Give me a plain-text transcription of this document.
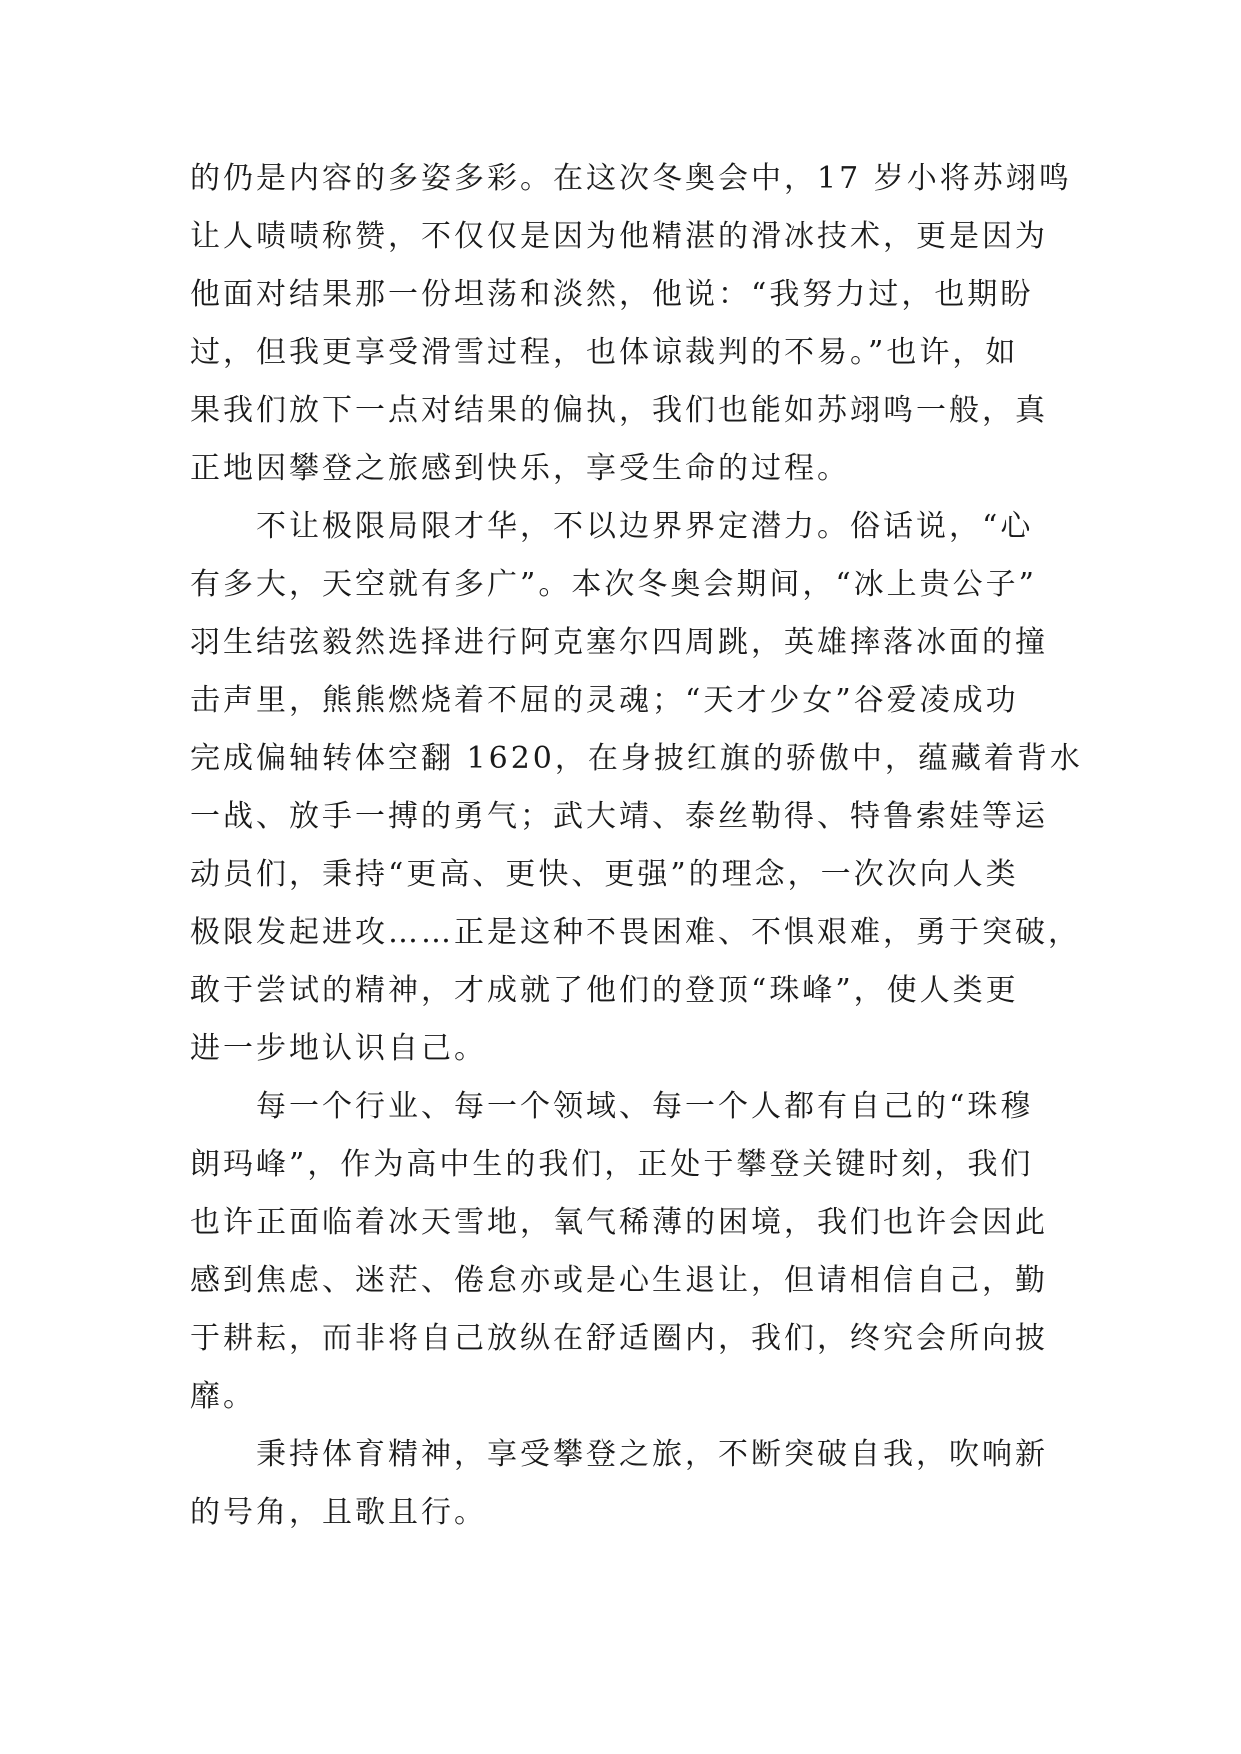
的仍是内容的多姿多彩。在这次冬奥会中，17 岁小将苏翊鸣
让人啧啧称赞，不仅仅是因为他精湛的滑冰技术，更是因为
他面对结果那一份坦荡和淡然，他说：“我努力过，也期盼
过，但我更享受滑雪过程，也体谅裁判的不易。”也许，如
果我们放下一点对结果的偏执，我们也能如苏翊鸣一般，真
正地因攀登之旅感到快乐，享受生命的过程。
不让极限局限才华，不以边界界定潜力。俗话说，“心
有多大，天空就有多广”。本次冬奥会期间，“冰上贵公子”
羽生结弦毅然选择进行阿克塞尔四周跳，英雄摔落冰面的撞
击声里，熊熊燃烧着不屈的灵魂；“天才少女”谷爱凌成功
完成偏轴转体空翻 1620，在身披红旗的骄傲中，蕴藏着背水
一战、放手一搏的勇气；武大靖、泰丝勒得、特鲁索娃等运
动员们，秉持“更高、更快、更强”的理念，一次次向人类
极限发起进攻……正是这种不畏困难、不惧艰难，勇于突破，
敢于尝试的精神，才成就了他们的登顶“珠峰”，使人类更
进一步地认识自己。
每一个行业、每一个领域、每一个人都有自己的“珠穆
朗玛峰”，作为高中生的我们，正处于攀登关键时刻，我们
也许正面临着冰天雪地，氧气稀薄的困境，我们也许会因此
感到焦虑、迷茫、倦怠亦或是心生退让，但请相信自己，勤
于耕耘，而非将自己放纵在舒适圈内，我们，终究会所向披
靡。
秉持体育精神，享受攀登之旅，不断突破自我，吹响新
的号角，且歌且行。
